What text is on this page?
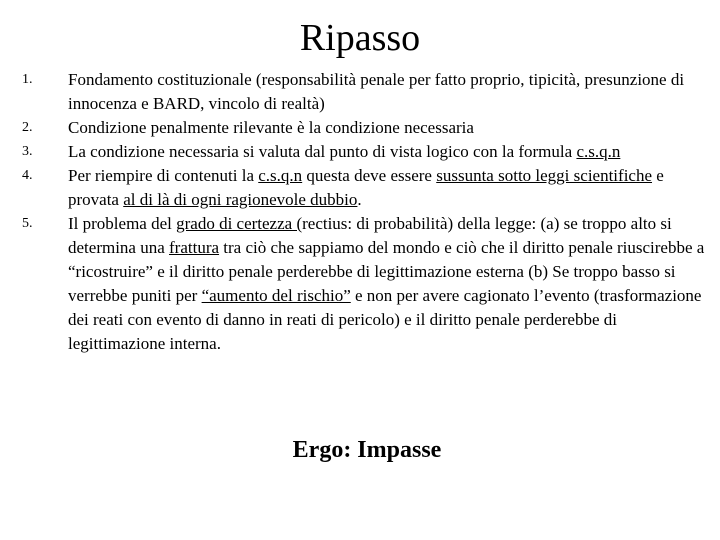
Ripasso
1.	Fondamento costituzionale (responsabilità penale per fatto proprio, tipicità, presunzione di innocenza e BARD, vincolo di realtà)
2.	Condizione penalmente rilevante è la condizione necessaria
3.	La condizione necessaria si valuta dal punto di vista logico con la formula c.s.q.n
4.	Per riempire di contenuti la c.s.q.n questa deve essere sussunta sotto leggi scientifiche e provata al di là di ogni ragionevole dubbio.
5.	Il problema del grado di certezza (rectius: di probabilità) della legge: (a) se troppo alto si determina una frattura tra ciò che sappiamo del mondo e ciò che il diritto penale riuscirebbe a “ricostruire” e il diritto penale perderebbe di legittimazione esterna (b) Se troppo basso si verrebbe puniti per “aumento del rischio” e non per avere cagionato l’evento (trasformazione dei reati con evento di danno in reati di pericolo) e il diritto penale perderebbe di legittimazione interna.
Ergo: Impasse
